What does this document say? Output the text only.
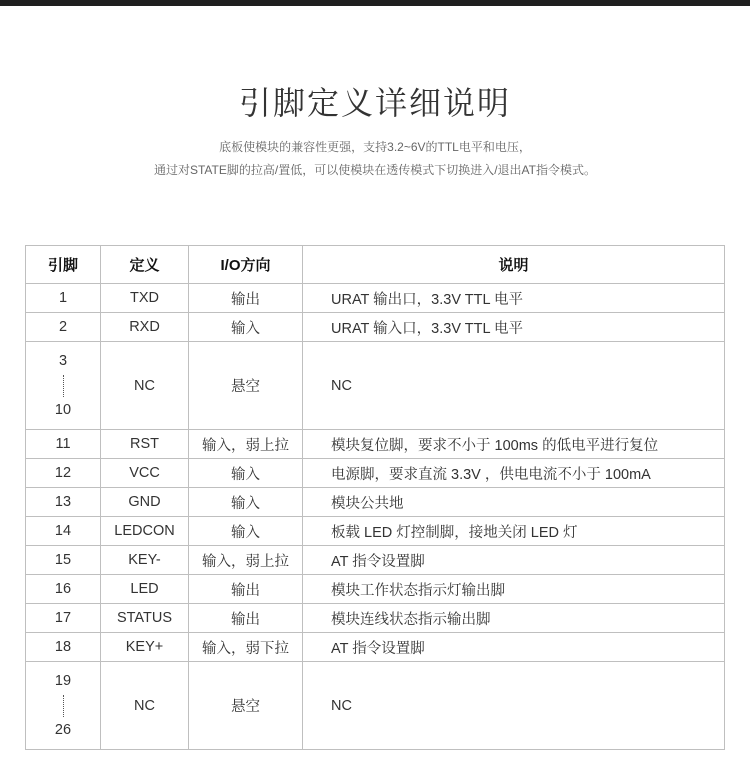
引脚定义详细说明
底板使模块的兼容性更强，支持3.2~6V的TTL电平和电压，
通过对STATE脚的拉高/置低，可以使模块在透传模式下切换进入/退出AT指令模式。
引脚	定义	I/O方向	说明
1	TXD	输出	URAT 输出口，3.3V TTL 电平
2	RXD	输入	URAT 输入口，3.3V TTL 电平

3
10	NC	悬空	NC
11	RST	输入，弱上拉	模块复位脚，要求不小于 100ms 的低电平进行复位
12	VCC	输入	电源脚，要求直流 3.3V ，供电电流不小于 100mA
13	GND	输入	模块公共地
14	LEDCON	输入	板载 LED 灯控制脚，接地关闭 LED 灯
15	KEY-	输入，弱上拉	AT 指令设置脚
16	LED	输出	模块工作状态指示灯输出脚
17	STATUS	输出	模块连线状态指示输出脚
18	KEY+	输入，弱下拉	AT 指令设置脚

19
26	NC	悬空	NC
